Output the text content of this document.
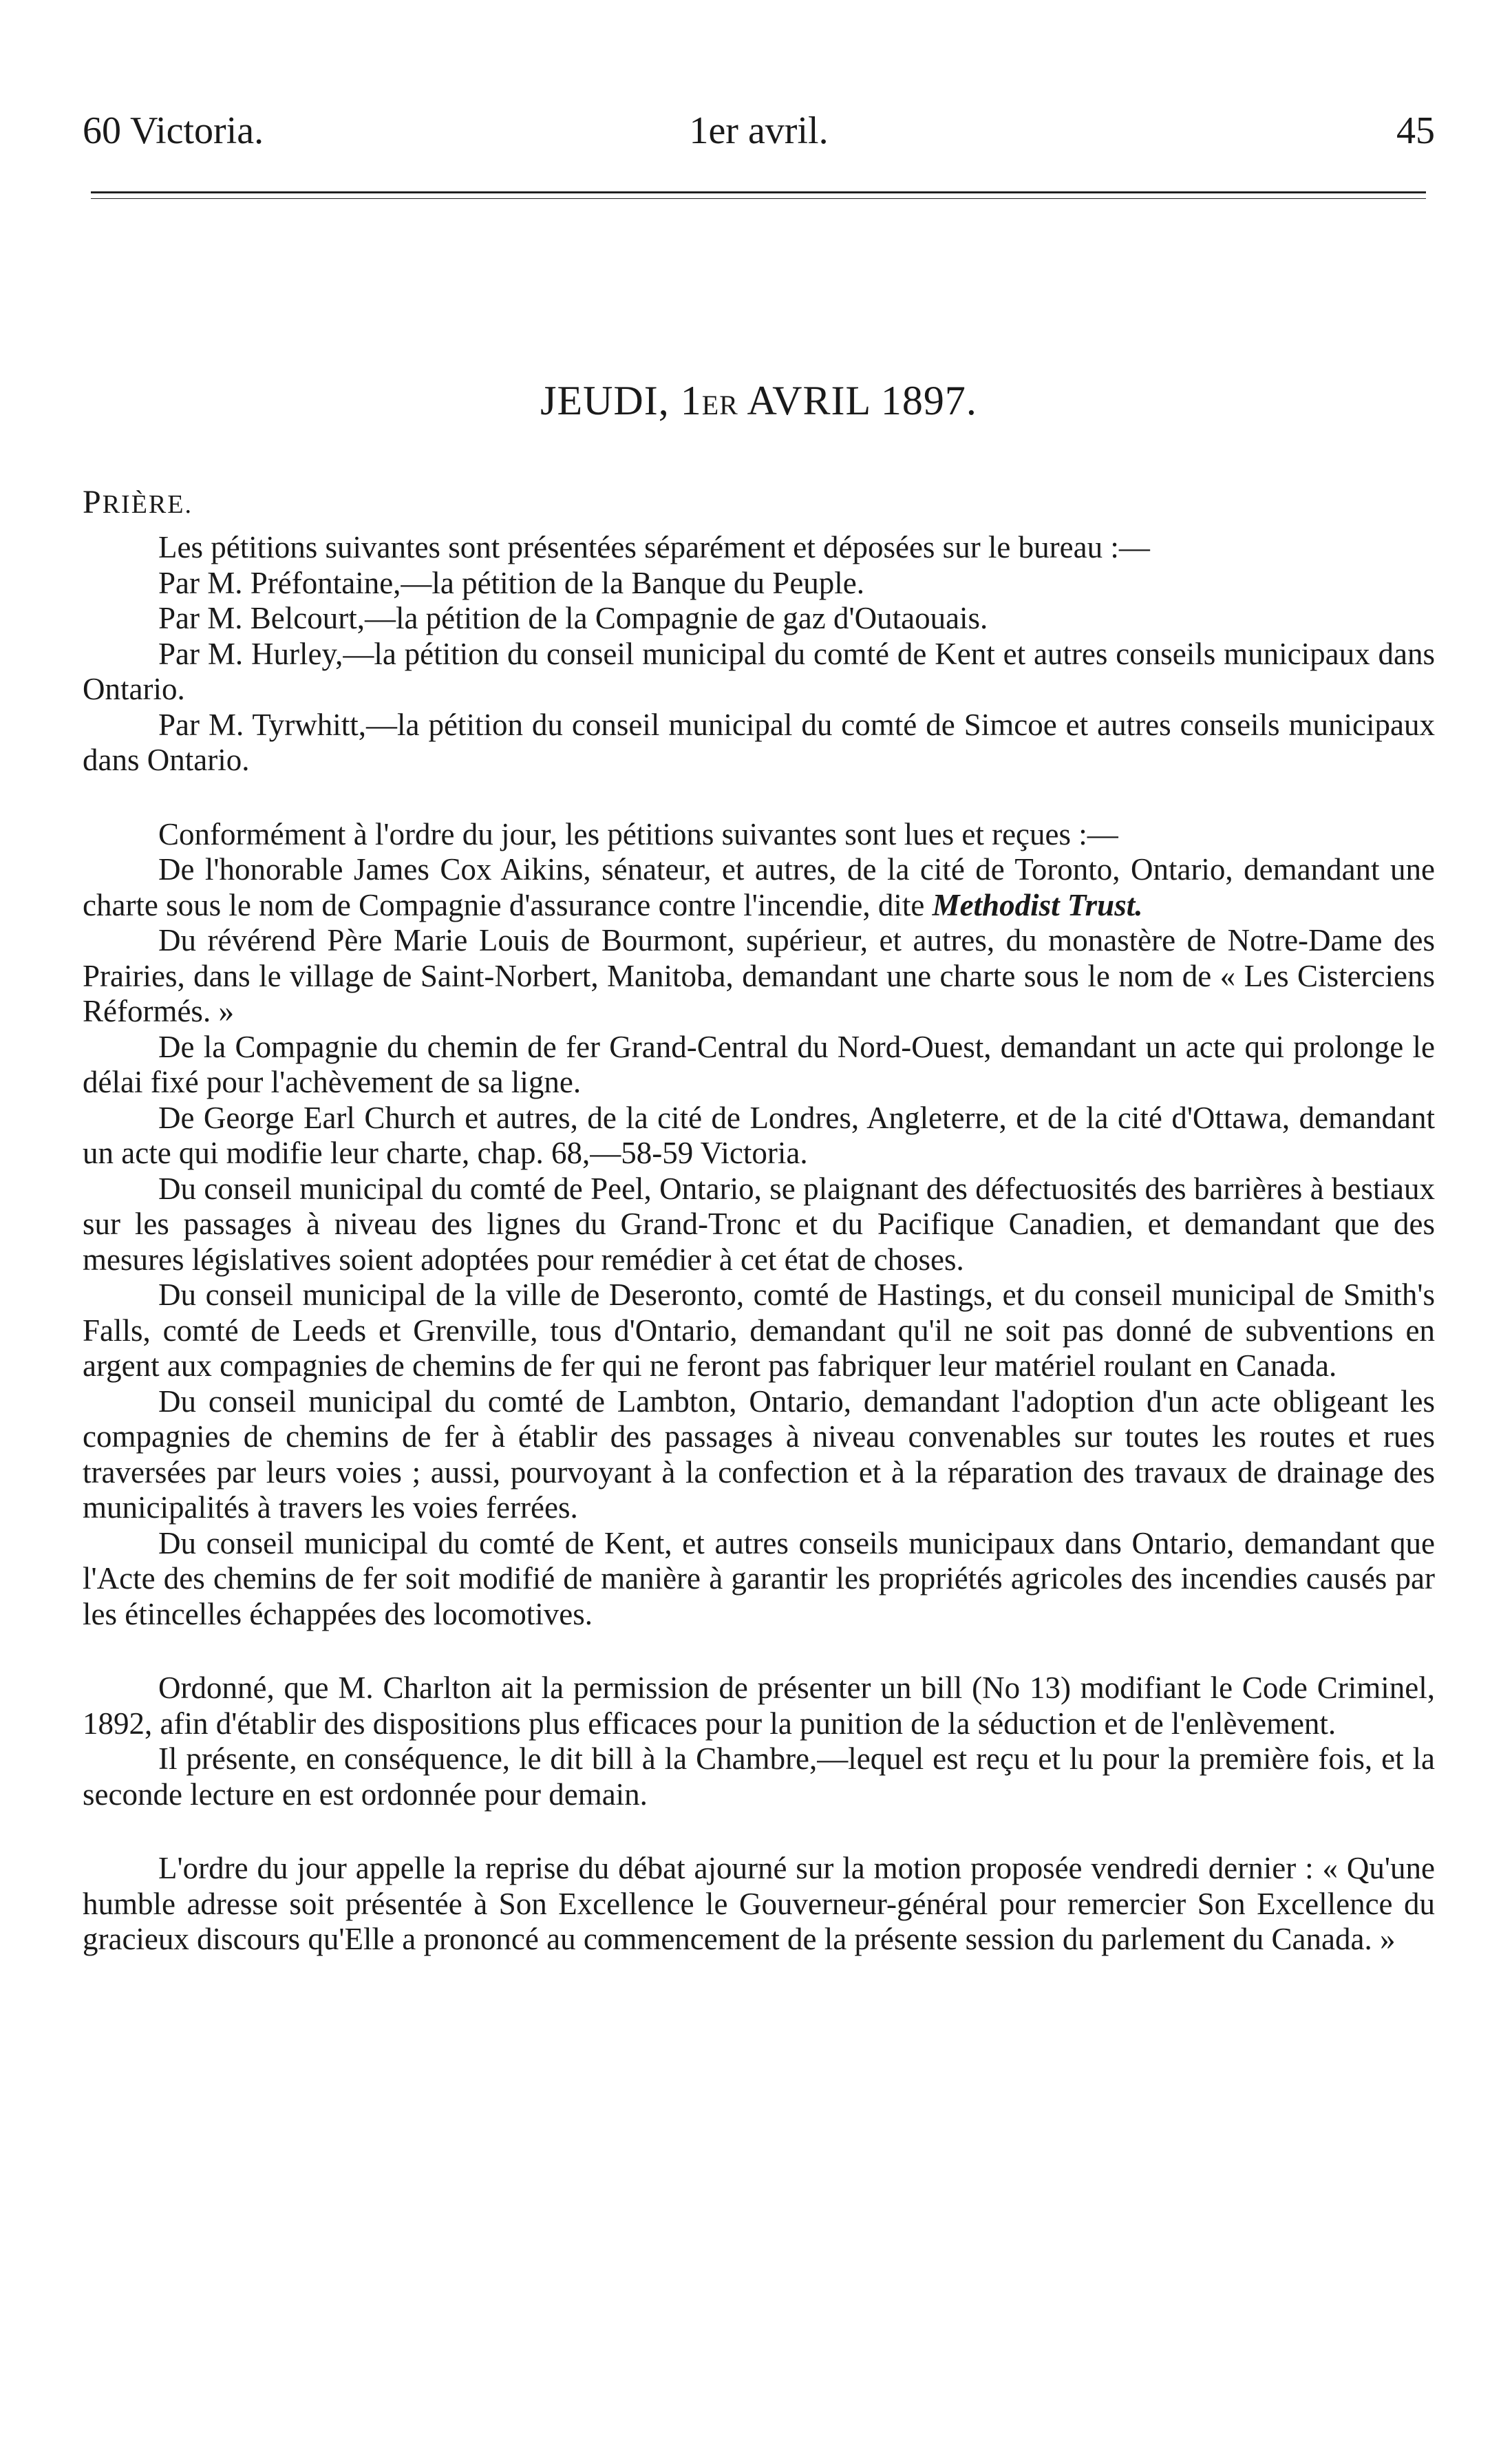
60 Victoria.	1er avril.	45
JEUDI, 1ER AVRIL 1897.
PRIÈRE.

Les pétitions suivantes sont présentées séparément et déposées sur le bureau :—

Par M. Préfontaine,—la pétition de la Banque du Peuple.

Par M. Belcourt,—la pétition de la Compagnie de gaz d'Outaouais.

Par M. Hurley,—la pétition du conseil municipal du comté de Kent et autres conseils municipaux dans Ontario.

Par M. Tyrwhitt,—la pétition du conseil municipal du comté de Simcoe et autres conseils municipaux dans Ontario.

Conformément à l'ordre du jour, les pétitions suivantes sont lues et reçues :—

De l'honorable James Cox Aikins, sénateur, et autres, de la cité de Toronto, Ontario, demandant une charte sous le nom de Compagnie d'assurance contre l'incendie, dite Methodist Trust.

Du révérend Père Marie Louis de Bourmont, supérieur, et autres, du monastère de Notre-Dame des Prairies, dans le village de Saint-Norbert, Manitoba, demandant une charte sous le nom de « Les Cisterciens Réformés. »

De la Compagnie du chemin de fer Grand-Central du Nord-Ouest, demandant un acte qui prolonge le délai fixé pour l'achèvement de sa ligne.

De George Earl Church et autres, de la cité de Londres, Angleterre, et de la cité d'Ottawa, demandant un acte qui modifie leur charte, chap. 68,—58-59 Victoria.

Du conseil municipal du comté de Peel, Ontario, se plaignant des défectuosités des barrières à bestiaux sur les passages à niveau des lignes du Grand-Tronc et du Pacifique Canadien, et demandant que des mesures législatives soient adoptées pour remédier à cet état de choses.

Du conseil municipal de la ville de Deseronto, comté de Hastings, et du conseil municipal de Smith's Falls, comté de Leeds et Grenville, tous d'Ontario, demandant qu'il ne soit pas donné de subventions en argent aux compagnies de chemins de fer qui ne feront pas fabriquer leur matériel roulant en Canada.

Du conseil municipal du comté de Lambton, Ontario, demandant l'adoption d'un acte obligeant les compagnies de chemins de fer à établir des passages à niveau convenables sur toutes les routes et rues traversées par leurs voies ; aussi, pourvoyant à la confection et à la réparation des travaux de drainage des municipalités à travers les voies ferrées.

Du conseil municipal du comté de Kent, et autres conseils municipaux dans Ontario, demandant que l'Acte des chemins de fer soit modifié de manière à garantir les propriétés agricoles des incendies causés par les étincelles échappées des locomotives.

Ordonné, que M. Charlton ait la permission de présenter un bill (No 13) modifiant le Code Criminel, 1892, afin d'établir des dispositions plus efficaces pour la punition de la séduction et de l'enlèvement.

Il présente, en conséquence, le dit bill à la Chambre,—lequel est reçu et lu pour la première fois, et la seconde lecture en est ordonnée pour demain.

L'ordre du jour appelle la reprise du débat ajourné sur la motion proposée vendredi dernier : « Qu'une humble adresse soit présentée à Son Excellence le Gouverneur-général pour remercier Son Excellence du gracieux discours qu'Elle a prononcé au commencement de la présente session du parlement du Canada. »
